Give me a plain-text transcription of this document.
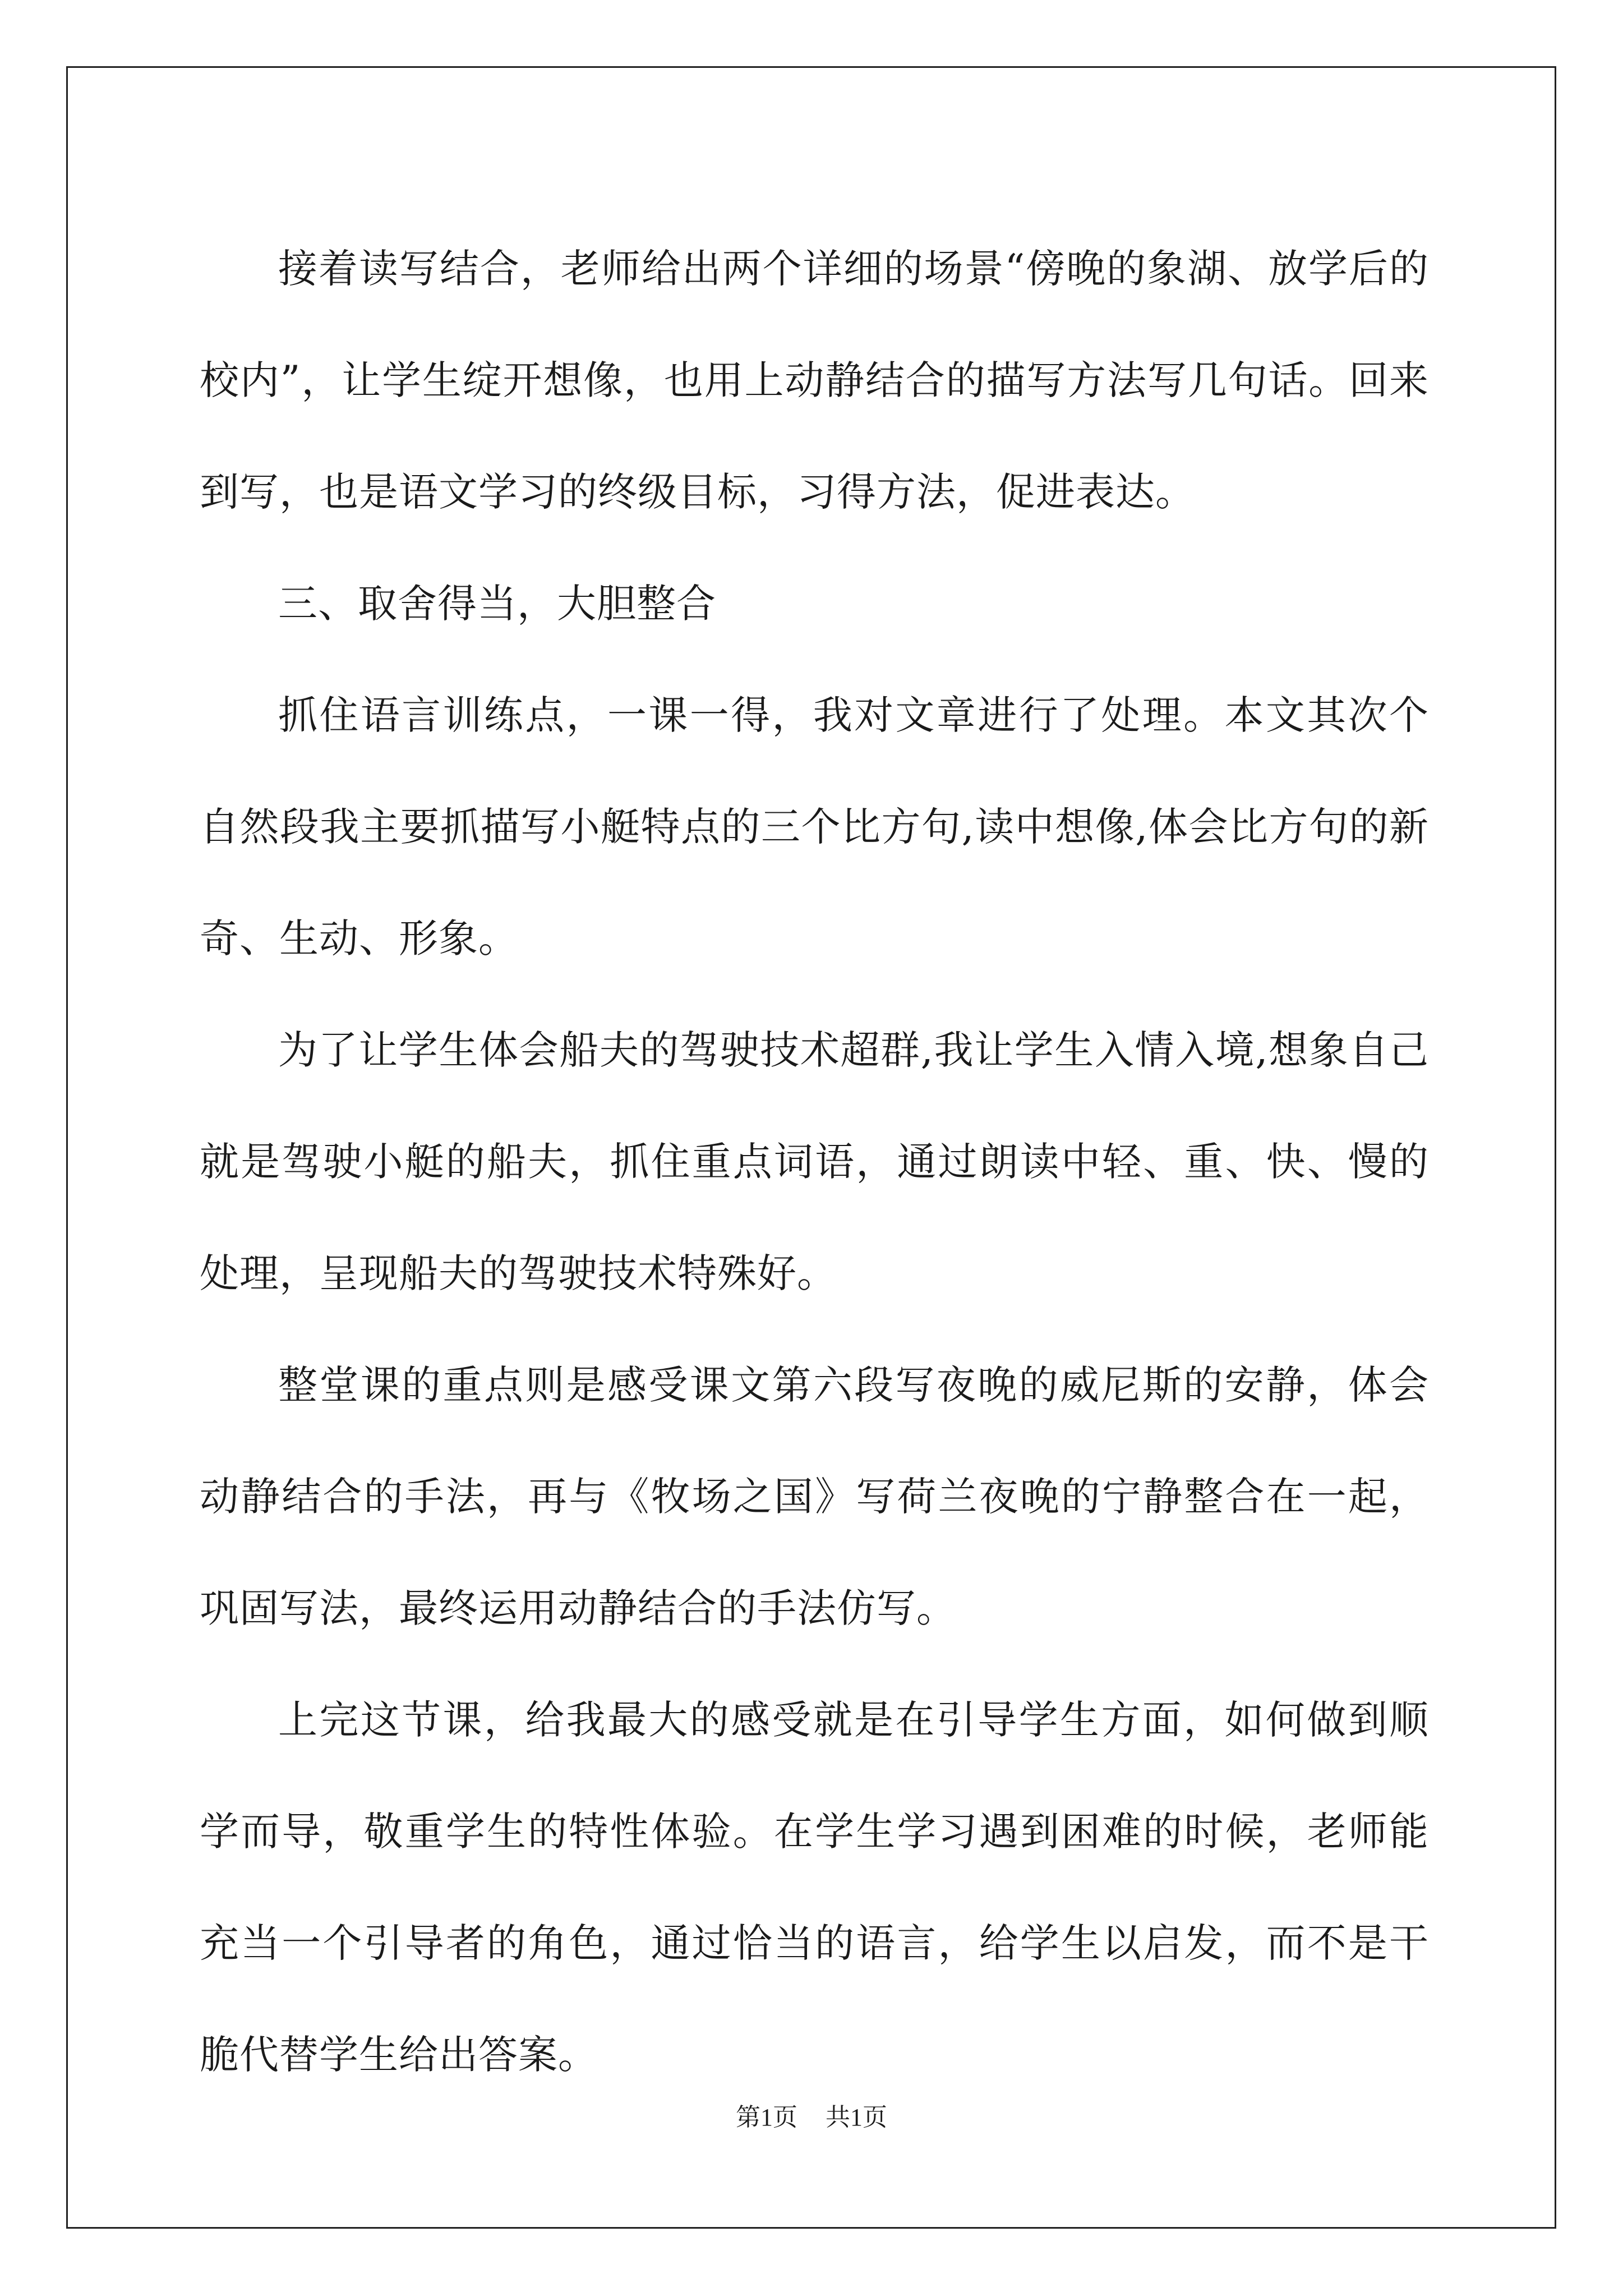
接着读写结合，老师给出两个详细的场景“傍晚的象湖、放学后的校内”，让学生绽开想像，也用上动静结合的描写方法写几句话。回来到写，也是语文学习的终级目标，习得方法，促进表达。

三、取舍得当，大胆整合

抓住语言训练点，一课一得，我对文章进行了处理。本文其次个自然段我主要抓描写小艇特点的三个比方句,读中想像,体会比方句的新奇、生动、形象。

为了让学生体会船夫的驾驶技术超群,我让学生入情入境,想象自己就是驾驶小艇的船夫，抓住重点词语，通过朗读中轻、重、快、慢的处理，呈现船夫的驾驶技术特殊好。

整堂课的重点则是感受课文第六段写夜晚的威尼斯的安静，体会动静结合的手法，再与《牧场之国》写荷兰夜晚的宁静整合在一起，巩固写法，最终运用动静结合的手法仿写。

上完这节课，给我最大的感受就是在引导学生方面，如何做到顺学而导，敬重学生的特性体验。在学生学习遇到困难的时候，老师能充当一个引导者的角色，通过恰当的语言，给学生以启发，而不是干脆代替学生给出答案。

第1页 共1页
